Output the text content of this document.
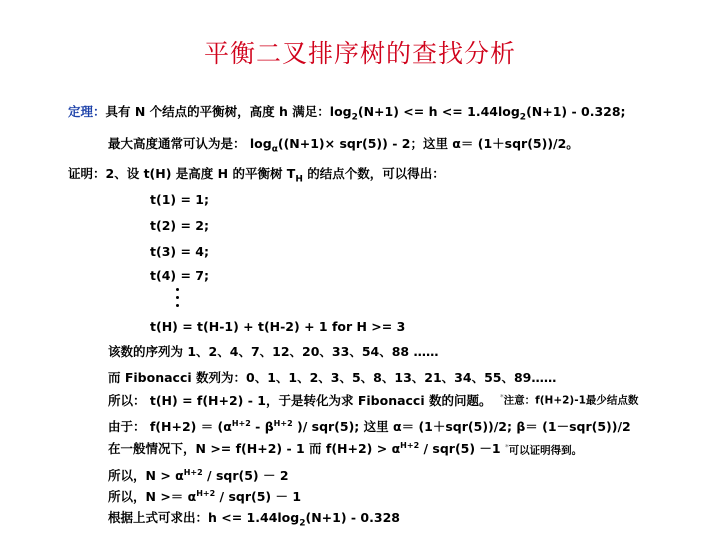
平衡二叉排序树的查找分析
定理：具有 N 个结点的平衡树，高度 h 满足：$\log_2(N+1) <= h <= 1.44\log_2(N+1) - 0.328$;
最大高度通常可认为是： $\log_\alpha((N+1)\times sqr(5)) - 2$；这里 α＝ (1＋sqr(5))/2。
证明：2、设 t(H) 是高度 H 的平衡树 $T_H$ 的结点个数，可以得出：
t(1) = 1;
t(2) = 2;
t(3) = 4;
t(4) = 7;
t(H) = t(H-1) + t(H-2) + 1 for H >= 3
该数的序列为 1、2、4、7、12、20、33、54、88 ……
而 Fibonacci 数列为：0、1、1、2、3、5、8、13、21、34、55、89……
所以： t(H) = f(H+2) - 1，于是转化为求 Fibonacci 数的问题。 *注意：f(H+2)-1最少结点数
由于： $f(H+2) = (\alpha^{H+2} - \beta^{H+2}$ )/ sqr(5); 这里 α＝ (1＋sqr(5))/2; β＝ (1－sqr(5))/2
在一般情况下，N >= f(H+2) - 1 而 $f(H+2) > \alpha^{H+2} / sqr(5) -1$ *可以证明得到。
所以，$N > \alpha^{H+2} / sqr(5) - 2$
所以，$N >= \alpha^{H+2} / sqr(5) - 1$
根据上式可求出：$h <= 1.44\log_2(N+1) - 0.328$
